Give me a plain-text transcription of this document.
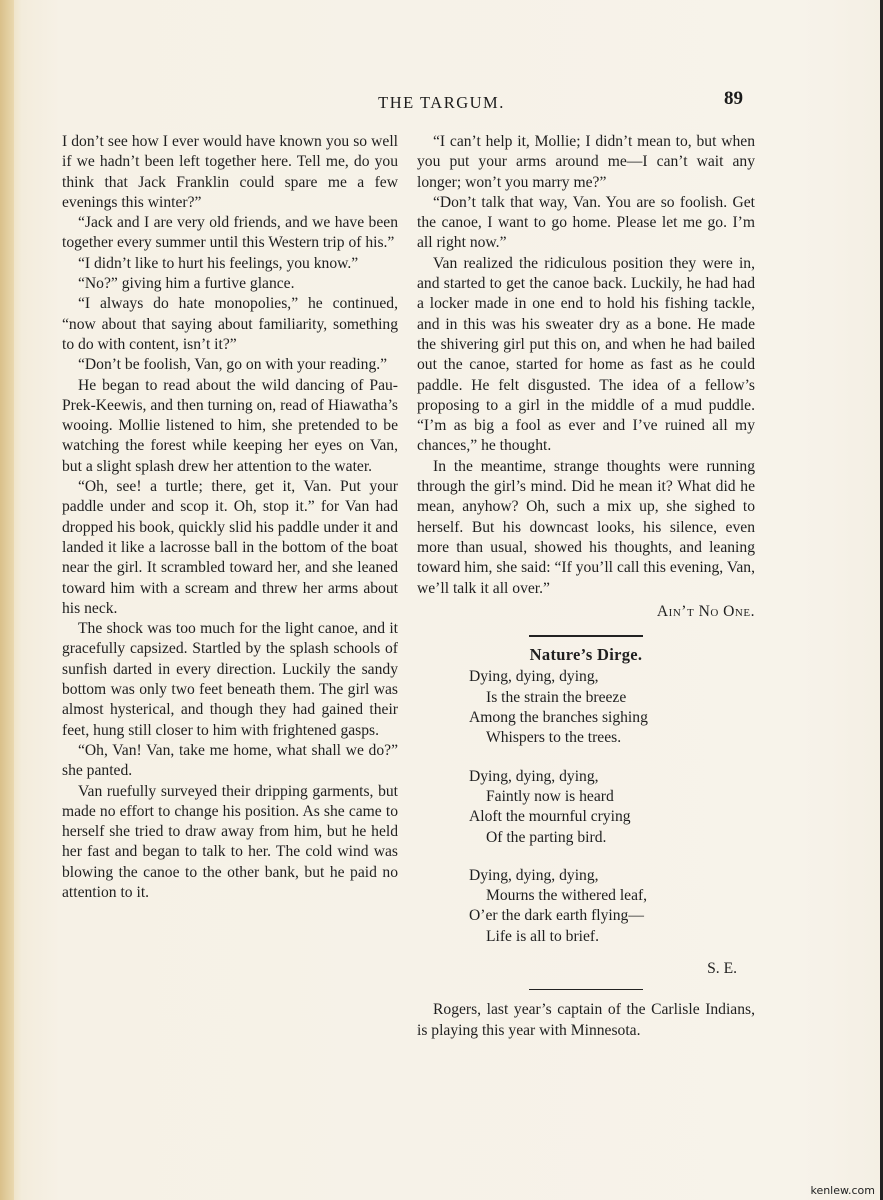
THE TARGUM.	89

I don’t see how I ever would have known you so well if we hadn’t been left together here. Tell me, do you think that Jack Franklin could spare me a few evenings this winter?”

“Jack and I are very old friends, and we have been together every summer until this Western trip of his.”

“I didn’t like to hurt his feelings, you know.”

“No?” giving him a furtive glance.

“I always do hate monopolies,” he continued, “now about that saying about familiarity, something to do with content, isn’t it?”

“Don’t be foolish, Van, go on with your reading.”

He began to read about the wild dancing of Pau-Prek-Keewis, and then turning on, read of Hiawatha’s wooing. Mollie listened to him, she pretended to be watching the forest while keeping her eyes on Van, but a slight splash drew her attention to the water.

“Oh, see! a turtle; there, get it, Van. Put your paddle under and scop it. Oh, stop it.” for Van had dropped his book, quickly slid his paddle under it and landed it like a lacrosse ball in the bottom of the boat near the girl. It scrambled toward her, and she leaned toward him with a scream and threw her arms about his neck.

The shock was too much for the light canoe, and it gracefully capsized. Startled by the splash schools of sunfish darted in every direction. Luckily the sandy bottom was only two feet beneath them. The girl was almost hysterical, and though they had gained their feet, hung still closer to him with frightened gasps.

“Oh, Van! Van, take me home, what shall we do?” she panted.

Van ruefully surveyed their dripping garments, but made no effort to change his position. As she came to herself she tried to draw away from him, but he held her fast and began to talk to her. The cold wind was blowing the canoe to the other bank, but he paid no attention to it.

“I can’t help it, Mollie; I didn’t mean to, but when you put your arms around me—I can’t wait any longer; won’t you marry me?”

“Don’t talk that way, Van. You are so foolish. Get the canoe, I want to go home. Please let me go. I’m all right now.”

Van realized the ridiculous position they were in, and started to get the canoe back. Luckily, he had had a locker made in one end to hold his fishing tackle, and in this was his sweater dry as a bone. He made the shivering girl put this on, and when he had bailed out the canoe, started for home as fast as he could paddle. He felt disgusted. The idea of a fellow’s proposing to a girl in the middle of a mud puddle. “I’m as big a fool as ever and I’ve ruined all my chances,” he thought.

In the meantime, strange thoughts were running through the girl’s mind. Did he mean it? What did he mean, anyhow? Oh, such a mix up, she sighed to herself. But his downcast looks, his silence, even more than usual, showed his thoughts, and leaning toward him, she said: “If you’ll call this evening, Van, we’ll talk it all over.”

Ain’t No One.

Nature’s Dirge.
Dying, dying, dying,
Is the strain the breeze
Among the branches sighing
Whispers to the trees.
Dying, dying, dying,
Faintly now is heard
Aloft the mournful crying
Of the parting bird.
Dying, dying, dying,
Mourns the withered leaf,
O’er the dark earth flying—
Life is all to brief.

S. E.

Rogers, last year’s captain of the Carlisle Indians, is playing this year with Minnesota.

kenlew.com
